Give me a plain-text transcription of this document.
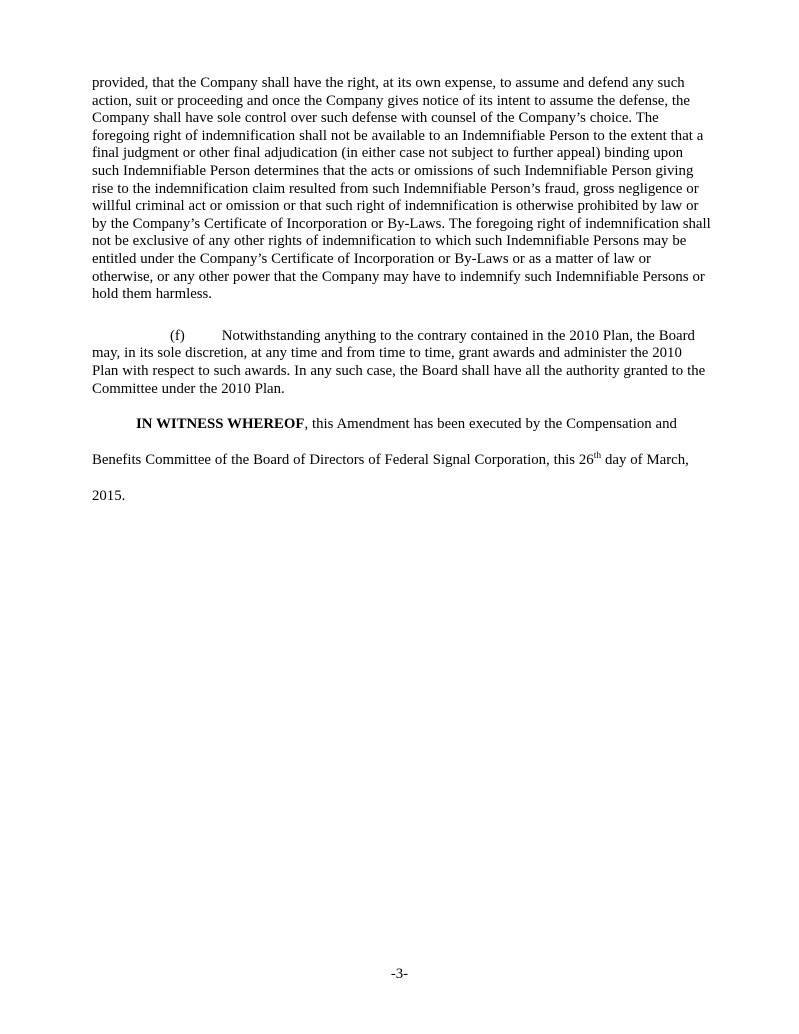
provided, that the Company shall have the right, at its own expense, to assume and defend any such action, suit or proceeding and once the Company gives notice of its intent to assume the defense, the Company shall have sole control over such defense with counsel of the Company’s choice. The foregoing right of indemnification shall not be available to an Indemnifiable Person to the extent that a final judgment or other final adjudication (in either case not subject to further appeal) binding upon such Indemnifiable Person determines that the acts or omissions of such Indemnifiable Person giving rise to the indemnification claim resulted from such Indemnifiable Person’s fraud, gross negligence or willful criminal act or omission or that such right of indemnification is otherwise prohibited by law or by the Company’s Certificate of Incorporation or By-Laws. The foregoing right of indemnification shall not be exclusive of any other rights of indemnification to which such Indemnifiable Persons may be entitled under the Company’s Certificate of Incorporation or By-Laws or as a matter of law or otherwise, or any other power that the Company may have to indemnify such Indemnifiable Persons or hold them harmless.

(f)	Notwithstanding anything to the contrary contained in the 2010 Plan, the Board may, in its sole discretion, at any time and from time to time, grant awards and administer the 2010 Plan with respect to such awards. In any such case, the Board shall have all the authority granted to the Committee under the 2010 Plan.

IN WITNESS WHEREOF, this Amendment has been executed by the Compensation and Benefits Committee of the Board of Directors of Federal Signal Corporation, this 26th day of March, 2015.

-3-
